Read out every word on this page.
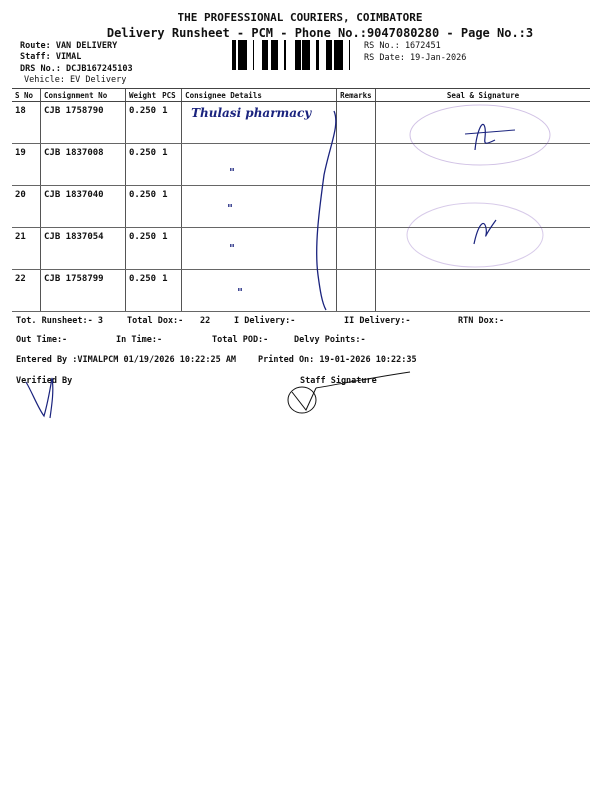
THE PROFESSIONAL COURIERS, COIMBATORE
Delivery Runsheet - PCM - Phone No.:9047080280 - Page No.:3
Route: VAN DELIVERY
Staff: VIMAL
DRS No.: DCJB167245103
Vehicle: EV Delivery
RS No.: 1672451
RS Date: 19-Jan-2026
S No	Consignment No	Weight	PCS	Consignee Details	Remarks	Seal & Signature
18	CJB 1758790	0.250	1	Thulasi pharmacy		

19	CJB 1837008	0.250	1	"		
20	CJB 1837040	0.250	1	"		
21	CJB 1837054	0.250	1	"		
22	CJB 1758799	0.250	1	"		
Tot. Runsheet:- 3	Total Dox:- 22	I Delivery:-	II Delivery:-	RTN Dox:-
Out Time:-	In Time:-	Total POD:-	Delvy Points:-
Entered By :VIMALPCM 01/19/2026 10:22:25 AM	Printed On: 19-01-2026 10:22:35
Verified By	Staff Signature
